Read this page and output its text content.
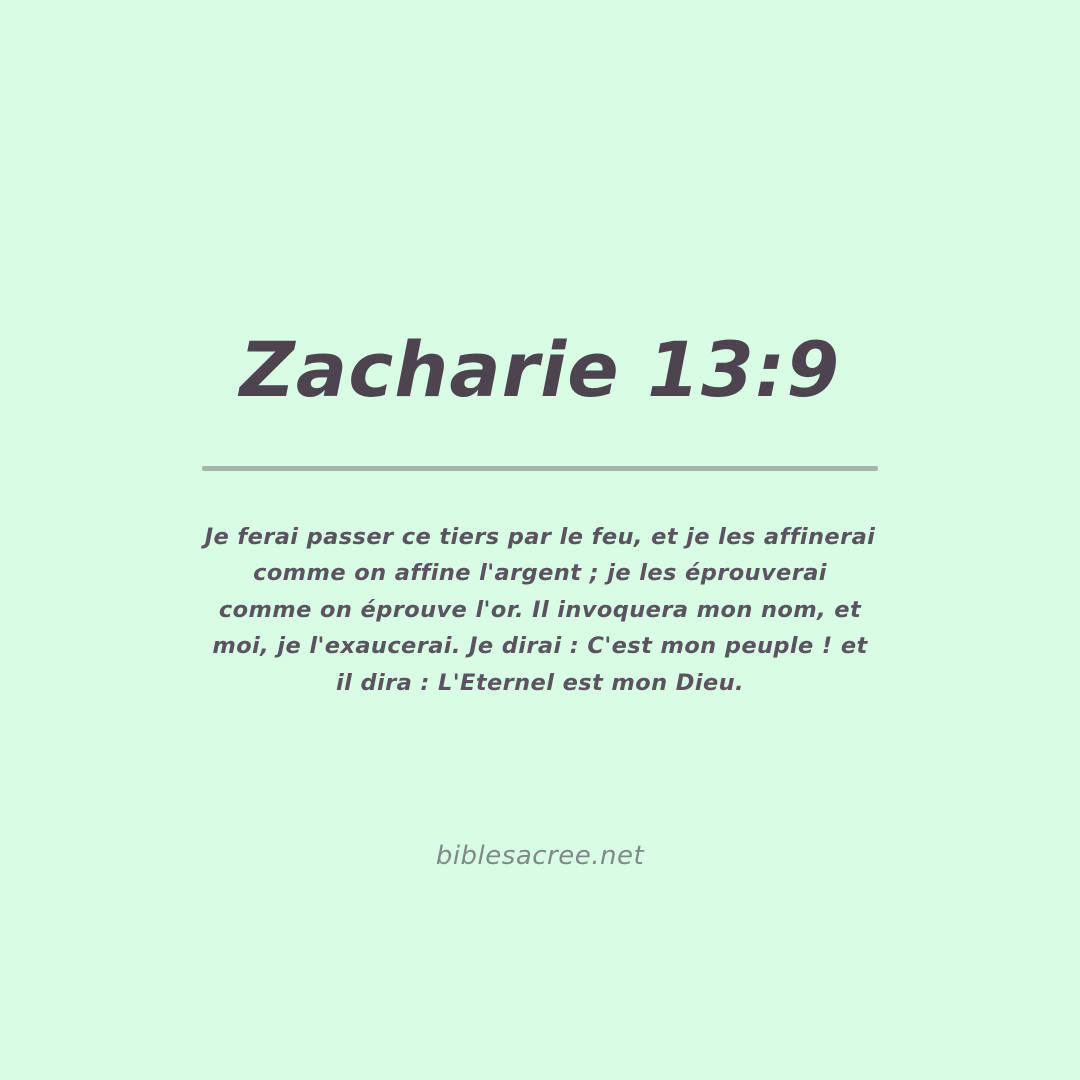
Zacharie 13:9
Je ferai passer ce tiers par le feu, et je les affinerai comme on affine l'argent ; je les éprouverai comme on éprouve l'or. Il invoquera mon nom, et moi, je l'exaucerai. Je dirai : C'est mon peuple ! et il dira : L'Eternel est mon Dieu.
biblesacree.net
